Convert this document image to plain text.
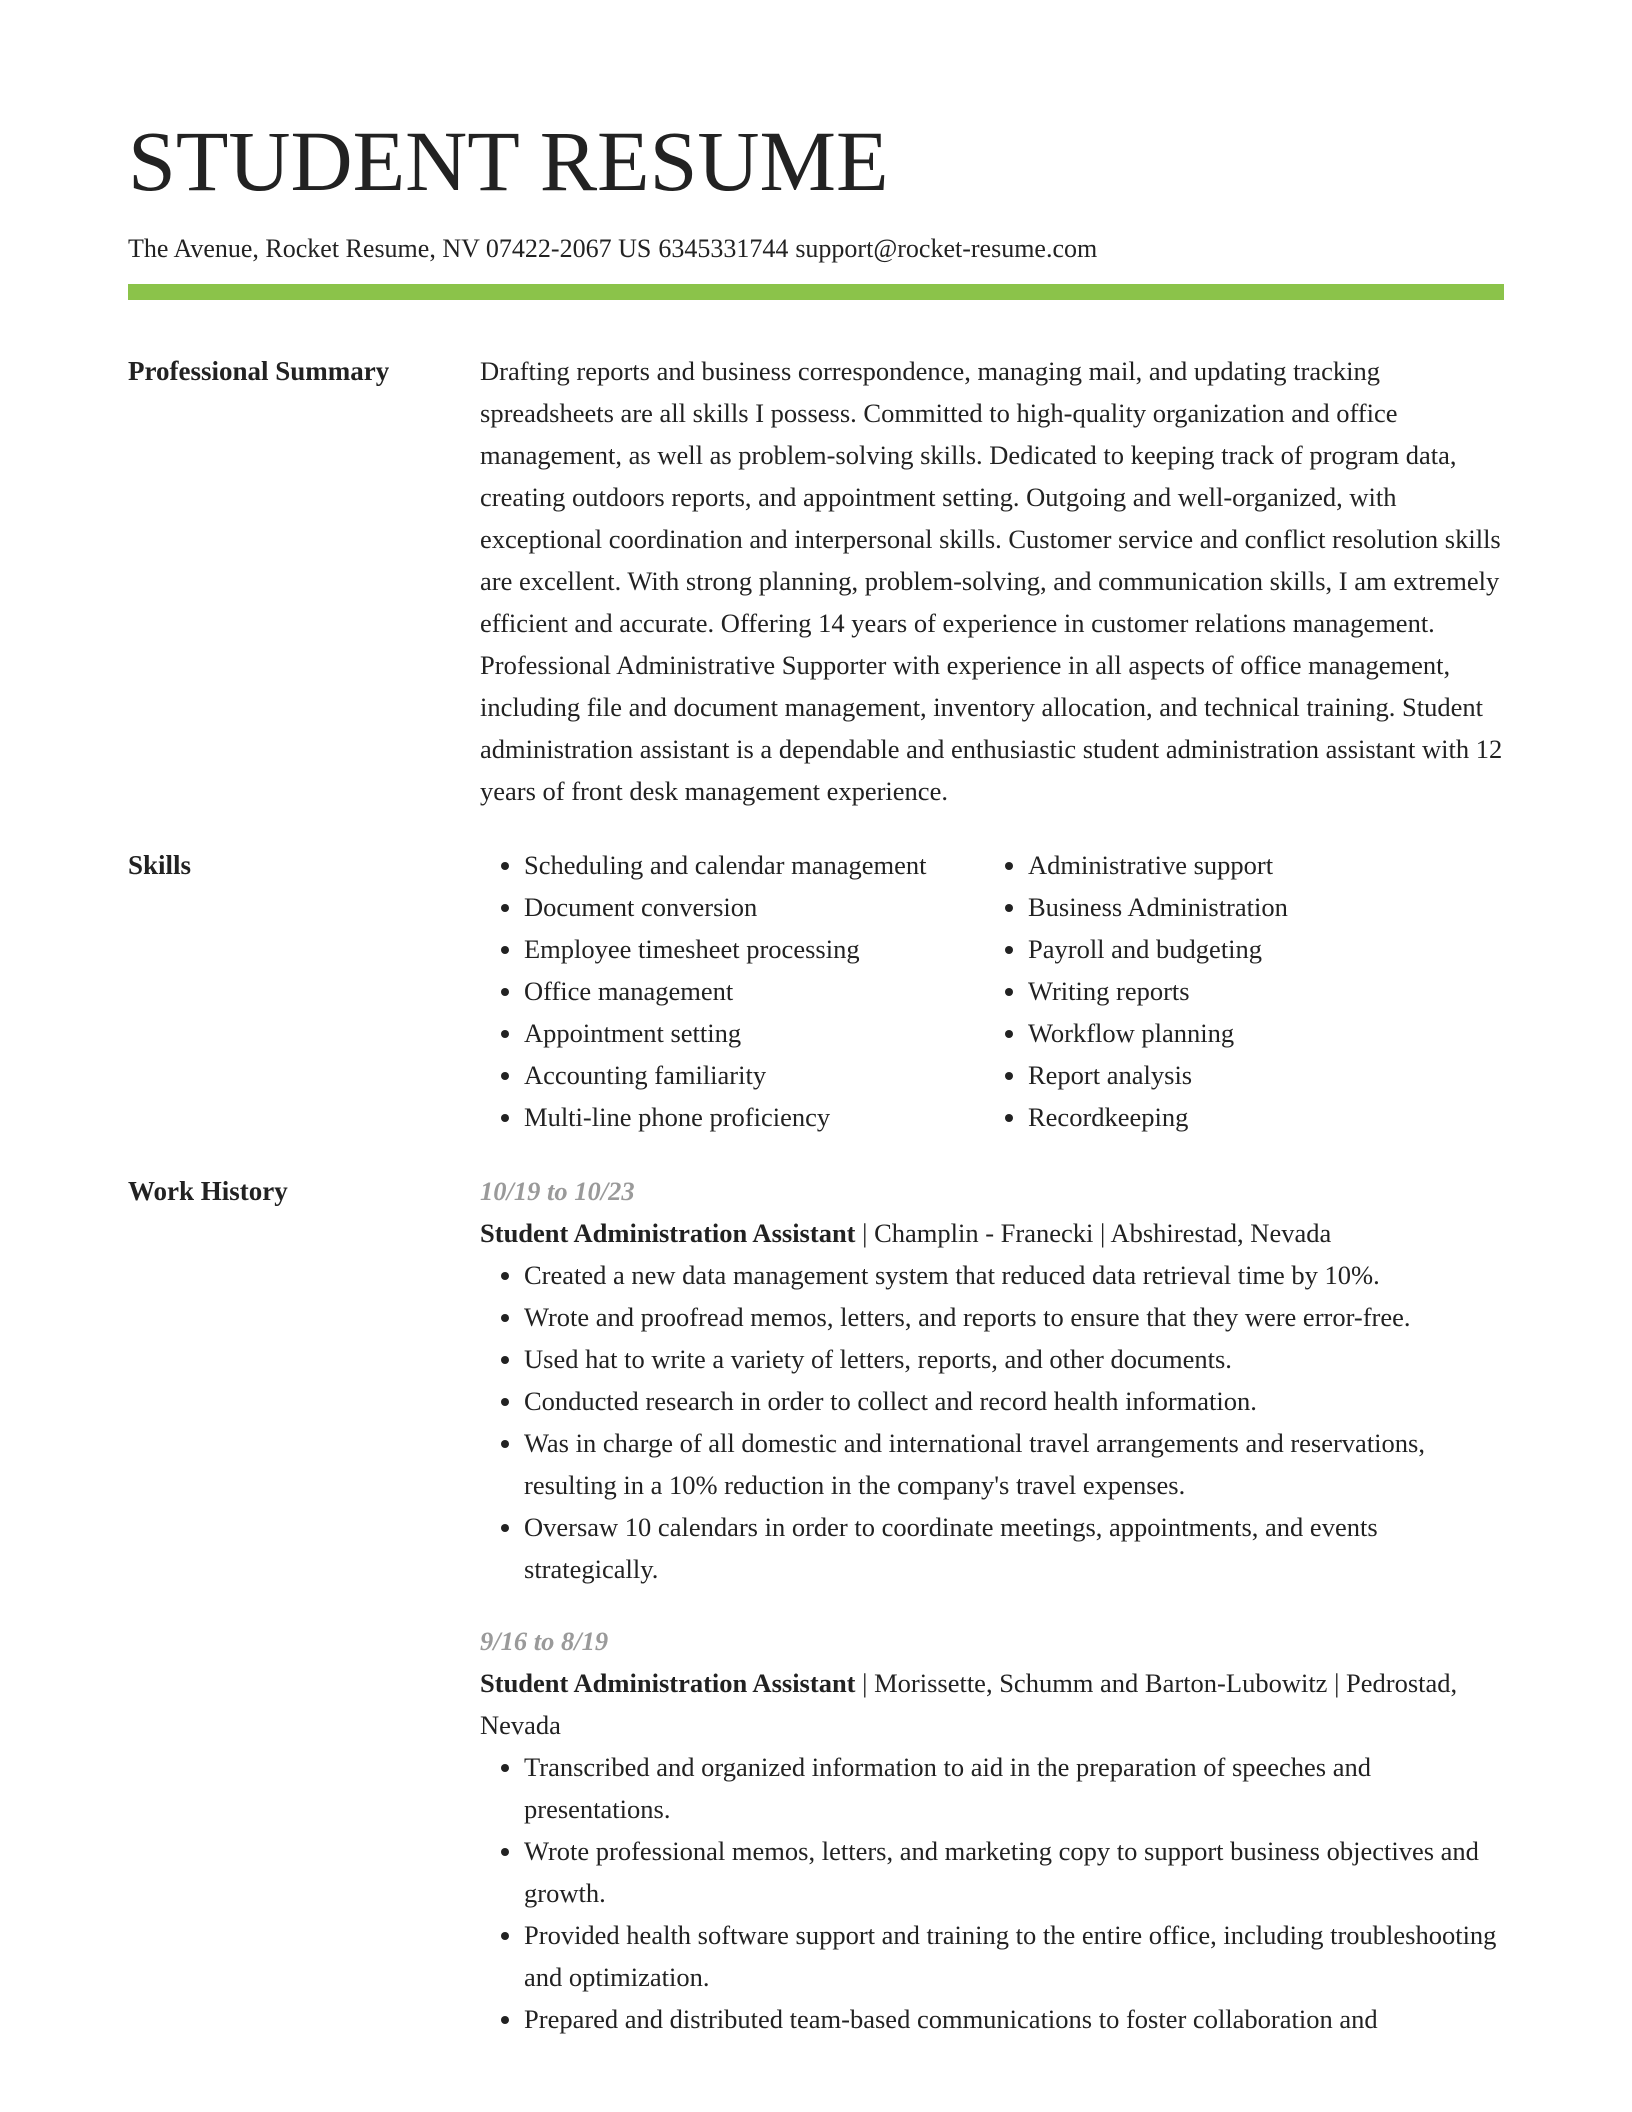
STUDENT RESUME
The Avenue, Rocket Resume, NV 07422-2067 US 6345331744 support@rocket-resume.com
Professional Summary	Drafting reports and business correspondence, managing mail, and updating tracking spreadsheets are all skills I possess. Committed to high-quality organization and office management, as well as problem-solving skills. Dedicated to keeping track of program data, creating outdoors reports, and appointment setting. Outgoing and well-organized, with exceptional coordination and interpersonal skills. Customer service and conflict resolution skills are excellent. With strong planning, problem-solving, and communication skills, I am extremely efficient and accurate. Offering 14 years of experience in customer relations management. Professional Administrative Supporter with experience in all aspects of office management, including file and document management, inventory allocation, and technical training. Student administration assistant is a dependable and enthusiastic student administration assistant with 12 years of front desk management experience.
Skills
•	Scheduling and calendar management
• Document conversion
• Employee timesheet processing
• Office management
• Appointment setting
• Accounting familiarity
• Multi-line phone proficiency
• Administrative support
• Business Administration
• Payroll and budgeting
• Writing reports
• Workflow planning
• Report analysis
• Recordkeeping
Work History	10/19 to 10/23
Student Administration Assistant | Champlin - Franecki | Abshirestad, Nevada
• Created a new data management system that reduced data retrieval time by 10%.
• Wrote and proofread memos, letters, and reports to ensure that they were error-free.
• Used hat to write a variety of letters, reports, and other documents.
• Conducted research in order to collect and record health information.
• Was in charge of all domestic and international travel arrangements and reservations, resulting in a 10% reduction in the company's travel expenses.
• Oversaw 10 calendars in order to coordinate meetings, appointments, and events strategically.
9/16 to 8/19
Student Administration Assistant | Morissette, Schumm and Barton-Lubowitz | Pedrostad, Nevada
• Transcribed and organized information to aid in the preparation of speeches and presentations.
• Wrote professional memos, letters, and marketing copy to support business objectives and growth.
• Provided health software support and training to the entire office, including troubleshooting and optimization.
• Prepared and distributed team-based communications to foster collaboration and
